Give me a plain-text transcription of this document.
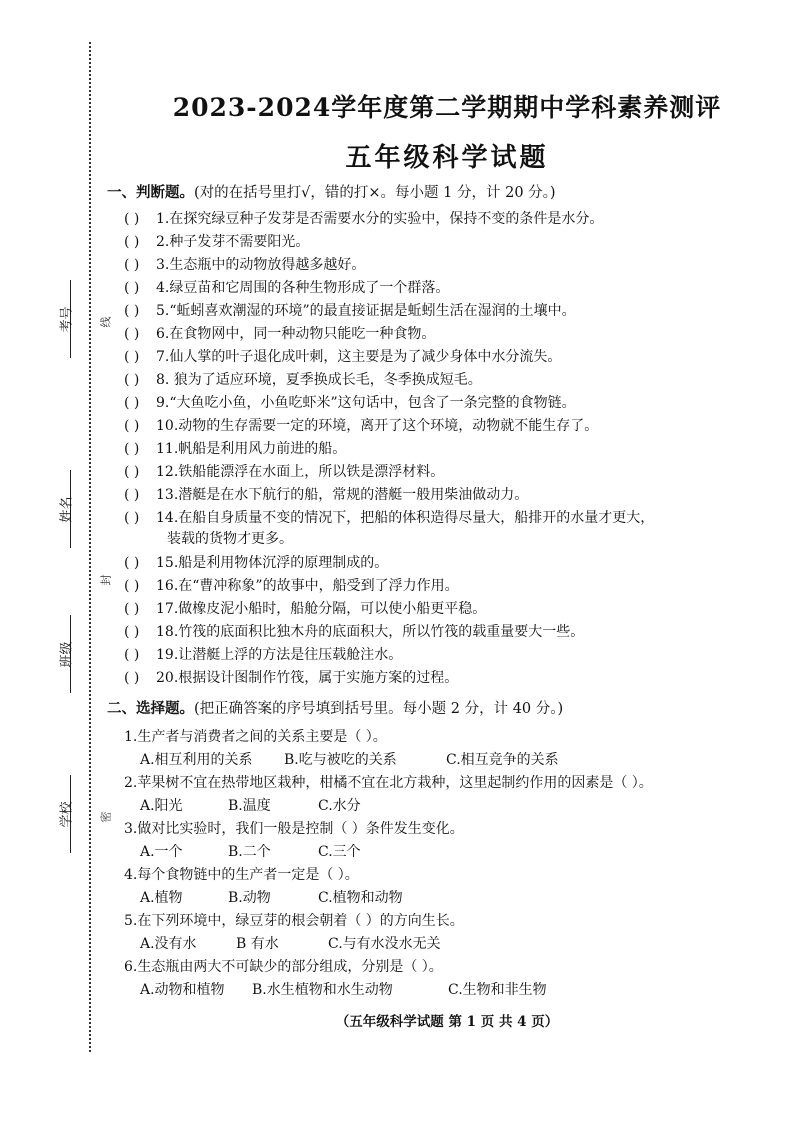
考号 线
姓名
封
班级
学校 密
2023-2024学年度第二学期期中学科素养测评
五年级科学试题
一、判断题。(对的在括号里打√，错的打×。每小题 1 分，计 20 分。)
( ) 1.在探究绿豆种子发芽是否需要水分的实验中，保持不变的条件是水分。
( ) 2.种子发芽不需要阳光。
( ) 3.生态瓶中的动物放得越多越好。
( ) 4.绿豆苗和它周围的各种生物形成了一个群落。
( ) 5.“蚯蚓喜欢潮湿的环境”的最直接证据是蚯蚓生活在湿润的土壤中。
( ) 6.在食物网中，同一种动物只能吃一种食物。
( ) 7.仙人掌的叶子退化成叶刺，这主要是为了减少身体中水分流失。
( ) 8. 狼为了适应环境，夏季换成长毛，冬季换成短毛。
( ) 9.“大鱼吃小鱼，小鱼吃虾米”这句话中，包含了一条完整的食物链。
( ) 10.动物的生存需要一定的环境，离开了这个环境，动物就不能生存了。
( ) 11.帆船是利用风力前进的船。
( ) 12.铁船能漂浮在水面上，所以铁是漂浮材料。
( ) 13.潜艇是在水下航行的船，常规的潜艇一般用柴油做动力。
( ) 14.在船自身质量不变的情况下，把船的体积造得尽量大，船排开的水量才更大，
装载的货物才更多。
( ) 15.船是利用物体沉浮的原理制成的。
( ) 16.在“曹冲称象”的故事中，船受到了浮力作用。
( ) 17.做橡皮泥小船时，船舱分隔，可以使小船更平稳。
( ) 18.竹筏的底面积比独木舟的底面积大，所以竹筏的载重量要大一些。
( ) 19.让潜艇上浮的方法是往压载舱注水。
( ) 20.根据设计图制作竹筏，属于实施方案的过程。
二、选择题。(把正确答案的序号填到括号里。每小题 2 分，计 40 分。)
1.生产者与消费者之间的关系主要是（ ）。
A.相互利用的关系 B.吃与被吃的关系	C.相互竞争的关系
2.苹果树不宜在热带地区栽种，柑橘不宜在北方栽种，这里起制约作用的因素是（ ）。
A.阳光	B.温度	C.水分
3.做对比实验时，我们一般是控制（ ）条件发生变化。
A.一个	B.二个	C.三个
4.每个食物链中的生产者一定是（ ）。
A.植物	B.动物	C.植物和动物
5.在下列环境中，绿豆芽的根会朝着（ ）的方向生长。
A.没有水	B 有水	C.与有水没水无关
6.生态瓶由两大不可缺少的部分组成，分别是（ ）。
A.动物和植物 B.水生植物和水生动物	C.生物和非生物
（五年级科学试题 第 1 页 共 4 页）
